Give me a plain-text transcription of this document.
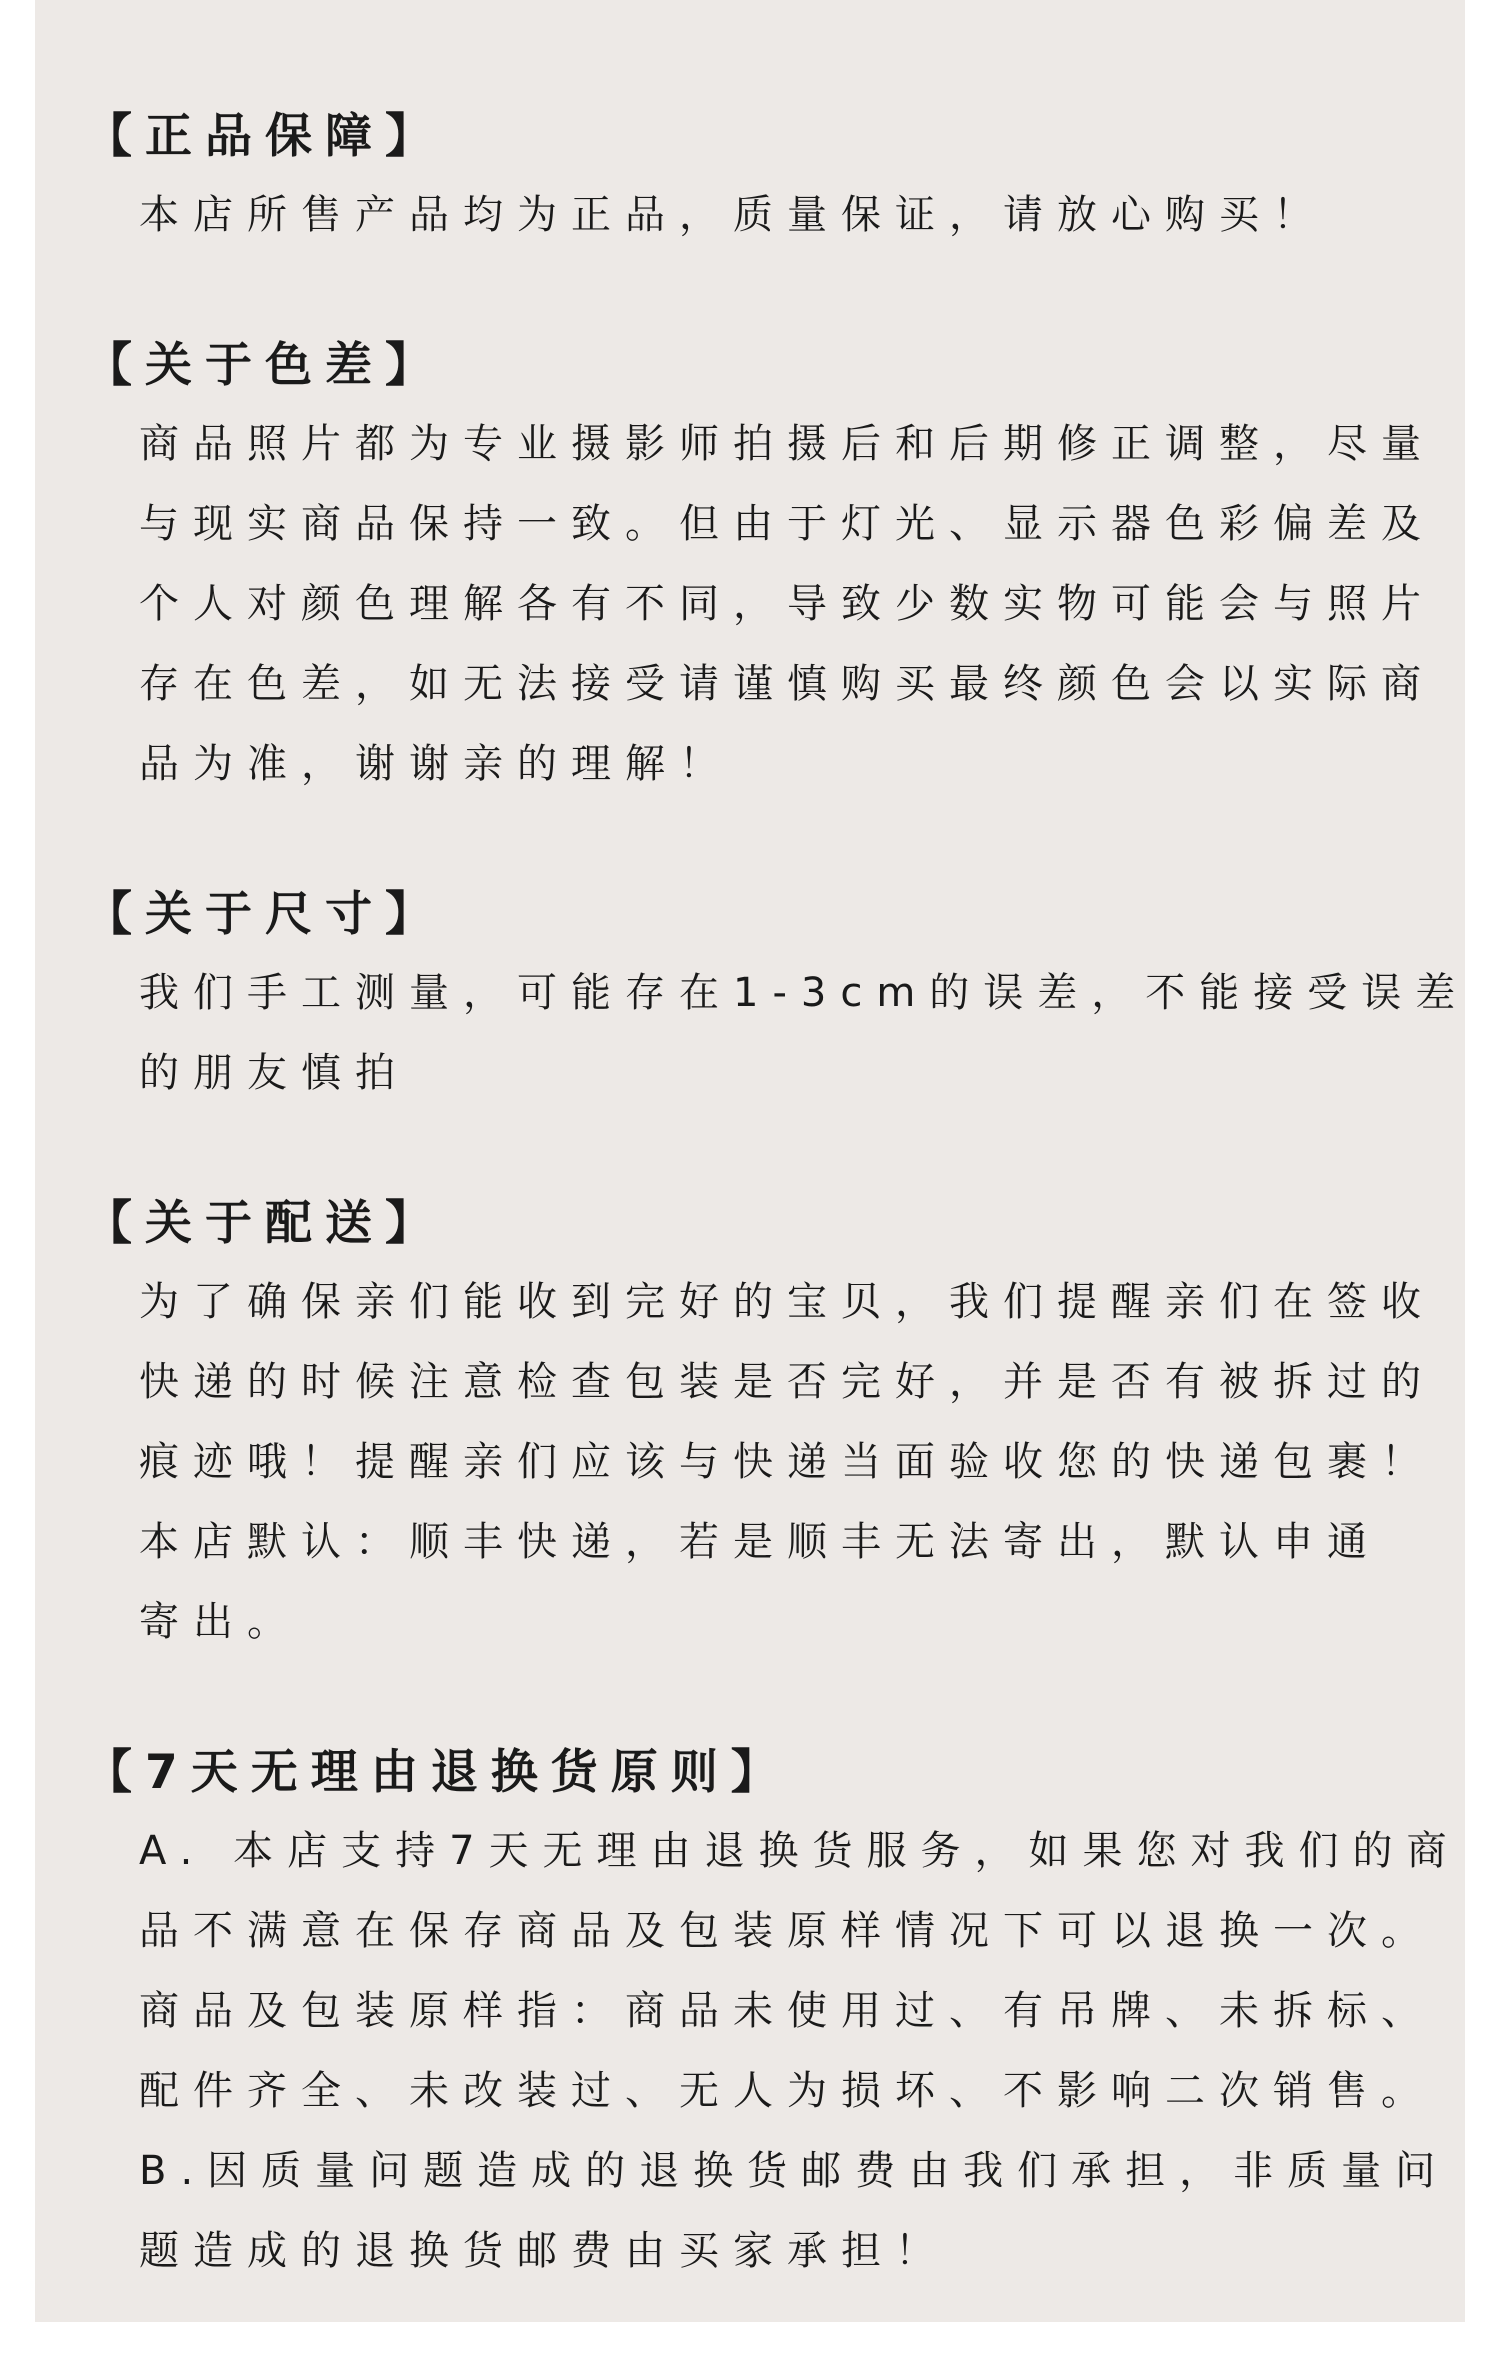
【正品保障】
本店所售产品均为正品，质量保证，请放心购买！
【关于色差】
商品照片都为专业摄影师拍摄后和后期修正调整，尽量
与现实商品保持一致。但由于灯光、显示器色彩偏差及
个人对颜色理解各有不同，导致少数实物可能会与照片
存在色差，如无法接受请谨慎购买最终颜色会以实际商
品为准，谢谢亲的理解！
【关于尺寸】
我们手工测量，可能存在1-3cm的误差，不能接受误差
的朋友慎拍
【关于配送】
为了确保亲们能收到完好的宝贝，我们提醒亲们在签收
快递的时候注意检查包装是否完好，并是否有被拆过的
痕迹哦！提醒亲们应该与快递当面验收您的快递包裹！
本店默认：顺丰快递，若是顺丰无法寄出，默认申通
寄出。
【7天无理由退换货原则】
A. 本店支持7天无理由退换货服务，如果您对我们的商
品不满意在保存商品及包装原样情况下可以退换一次。
商品及包装原样指：商品未使用过、有吊牌、未拆标、
配件齐全、未改装过、无人为损坏、不影响二次销售。
B.因质量问题造成的退换货邮费由我们承担，非质量问
题造成的退换货邮费由买家承担！
